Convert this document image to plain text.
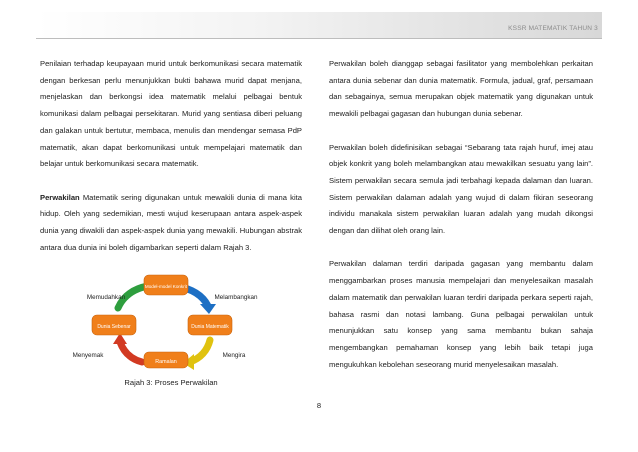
KSSR MATEMATIK TAHUN 3

Penilaian terhadap keupayaan murid untuk berkomunikasi secara matematik dengan berkesan perlu menunjukkan bukti bahawa murid dapat menjana, menjelaskan dan berkongsi idea matematik melalui pelbagai bentuk komunikasi dalam pelbagai persekitaran. Murid yang sentiasa diberi peluang dan galakan untuk bertutur, membaca, menulis dan mendengar semasa PdP matematik, akan dapat berkomunikasi untuk mempelajari matematik dan belajar untuk berkomunikasi secara matematik.

Perwakilan Matematik sering digunakan untuk mewakili dunia di mana kita hidup. Oleh yang sedemikian, mesti wujud keserupaan antara aspek-aspek dunia yang diwakili dan aspek-aspek dunia yang mewakili. Hubungan abstrak antara dua dunia ini boleh digambarkan seperti dalam Rajah 3.

Model-model Konkrit
Dunia Sebenar	Dunia Matematik
Ramalan
Memudahkan	Melambangkan
Menyemak	Mengira
Rajah 3: Proses Perwakilan

Perwakilan boleh dianggap sebagai fasilitator yang membolehkan perkaitan antara dunia sebenar dan dunia matematik. Formula, jadual, graf, persamaan dan sebagainya, semua merupakan objek matematik yang digunakan untuk mewakili pelbagai gagasan dan hubungan dunia sebenar.

Perwakilan boleh didefinisikan sebagai “Sebarang tata rajah huruf, imej atau objek konkrit yang boleh melambangkan atau mewakilkan sesuatu yang lain”. Sistem perwakilan secara semula jadi terbahagi kepada dalaman dan luaran. Sistem perwakilan dalaman adalah yang wujud di dalam fikiran seseorang individu manakala sistem perwakilan luaran adalah yang mudah dikongsi dengan dan dilihat oleh orang lain.

Perwakilan dalaman terdiri daripada gagasan yang membantu dalam menggambarkan proses manusia mempelajari dan menyelesaikan masalah dalam matematik dan perwakilan luaran terdiri daripada perkara seperti rajah, bahasa rasmi dan notasi lambang. Guna pelbagai perwakilan untuk menunjukkan satu konsep yang sama membantu bukan sahaja mengembangkan pemahaman konsep yang lebih baik tetapi juga mengukuhkan kebolehan seseorang murid menyelesaikan masalah.

8
